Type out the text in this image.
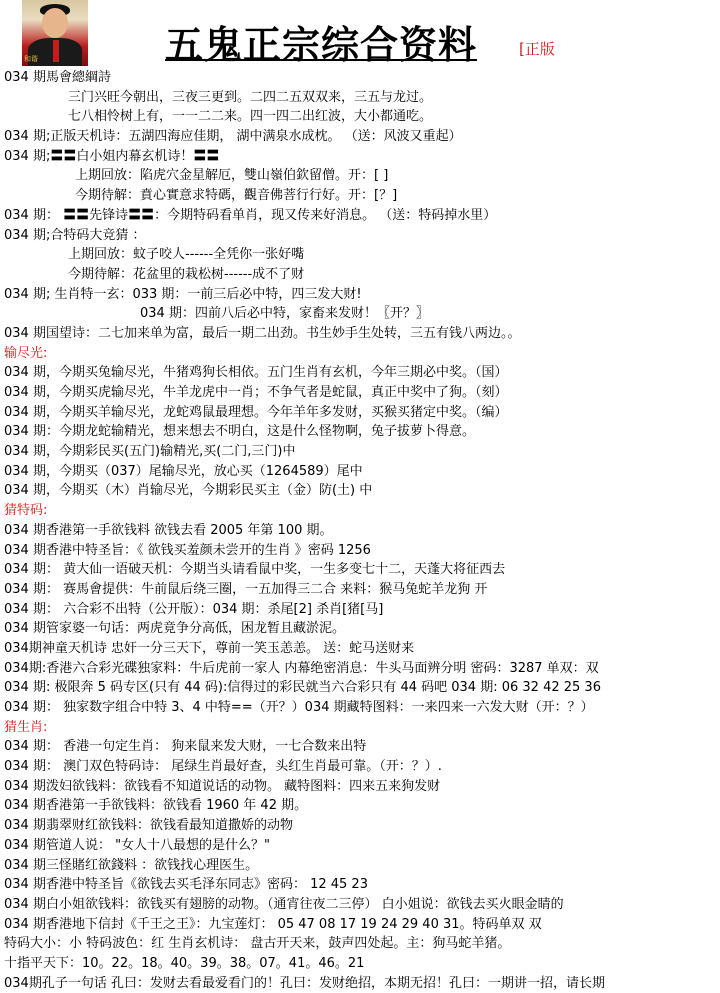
和谐	五鬼正宗综合资料	[正版
034 期馬會總綱詩
三门兴旺今朝出，三夜三更到。二四二五双双来，三五与龙过。
七八相怜树上有，一一二二来。四一四二出红波，大小都通吃。
034 期;正版天机诗：五湖四海应佳期， 湖中满泉水成枕。 （送：风波又重起）
034 期;〓〓白小姐内幕玄机诗！〓〓
上期回放：陷虎穴金星解厄，雙山嶺伯欽留僧。开：[ ]
今期待解：賁心實意求特碼，觀音佛菩行行好。开：[？]
034 期： 〓〓先锋诗〓〓：今期特码看单肖，现又传来好消息。 （送：特码掉水里）
034 期;合特码大竞猜 ：
上期回放：蚊子咬人------全凭你一张好嘴
今期待解：花盆里的栽松树------成不了财
034 期; 生肖特一玄：033 期：一前三后必中特，四三发大财!
034 期：四前八后必中特，家畜来发财！〖开？〗
034 期国望诗：二七加来单为富，最后一期二出劲。书生妙手生处转，三五有钱八两边。。
输尽光:
034 期，今期买兔输尽光，牛猪鸡狗长相依。五门生肖有玄机，今年三期必中奖。（国）
034 期，今期买虎输尽光，牛羊龙虎中一肖；不争气者是蛇鼠，真正中奖中了狗。（刻）
034 期，今期买羊输尽光，龙蛇鸡鼠最理想。今年羊年多发财，买猴买猪定中奖。（编）
034 期：今期龙蛇输精光，想来想去不明白，这是什么怪物啊，兔子拔萝卜得意。
034 期，今期彩民买(五门)输精光,买(二门,三门)中
034 期，今期买（037）尾输尽光，放心买（1264589）尾中
034 期，今期买（木）肖输尽光，今期彩民买主（金）防(土) 中
猜特码:
034 期香港第一手欲钱料 欲钱去看 2005 年第 100 期。
034 期香港中特圣旨：《 欲钱买羞颜未尝开的生肖 》密码 1256
034 期： 黄大仙一语破天机：今期当头请看鼠中奖，一生多变七十二，天蓬大将征西去
034 期： 赛馬會提供：牛前鼠后绕三圈，一五加得三二合 来料：猴马兔蛇羊龙狗 开
034 期： 六合彩不出特（公开版）：034 期：杀尾[2] 杀肖[猪[马]
034 期管家婆一句话：两虎竟争分高低，困龙暂且藏淤泥。
034期神童天机诗 忠奸一分三天下，尊前一笑玉恙恙。 送：蛇马送财来
034期:香港六合彩光碟独家料：牛后虎前一家人 内幕绝密消息：牛头马面辨分明 密码：3287 单双：双
034 期: 极限奔 5 码专区(只有 44 码):信得过的彩民就当六合彩只有 44 码吧 034 期: 06 32 42 25 36
034 期： 独家数字组合中特 3、4 中特==（开？）034 期藏特图料：一来四来一六发大财（开：？）
猜生肖:
034 期： 香港一句定生肖： 狗来鼠来发大财，一七合数来出特
034 期： 澳门双色特码诗： 尾绿生肖最好查，头红生肖最可靠。（开：？）.
034 期泼妇欲钱料：欲钱看不知道说话的动物。 藏特图料：四来五来狗发财
034 期香港第一手欲钱料：欲钱看 1960 年 42 期。
034 期翡翠财红欲钱料：欲钱看最知道撒娇的动物
034 期管道人说： "女人十八最想的是什么？"
034 期三怪賭红欲錢料 ：欲钱找心理医生。
034 期香港中特圣旨《欲钱去买毛泽东同志》密码： 12 45 23
034 期白小姐欲钱料：欲钱买有翅膀的动物。（通宵往夜二三停） 白小姐说：欲钱去买火眼金睛的
034 期香港地下信封《千王之王》：九宝莲灯： 05 47 08 17 19 24 29 40 31。特码单双 双
特码大小：小 特码波色：红 生肖玄机诗： 盘古开天来，鼓声四处起。主：狗马蛇羊猪。
十指平天下：10。22。18。40。39。38。07。41。46。21
034期孔子一句话 孔曰：发财去看最爱看门的！孔曰：发财绝招，本期无招！孔曰：一期讲一招，请长期
